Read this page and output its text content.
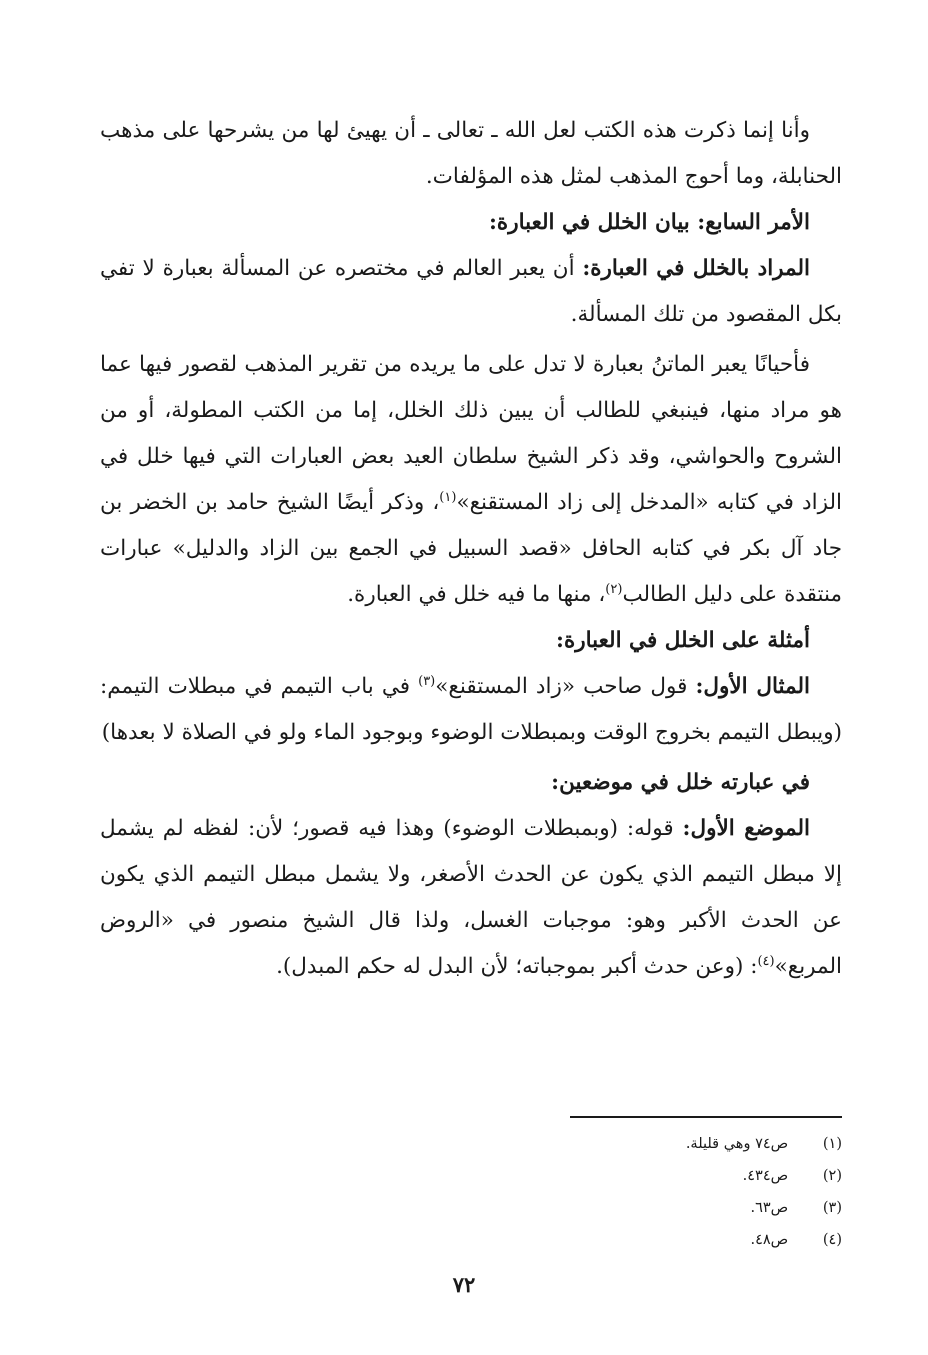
وأنا إنما ذكرت هذه الكتب لعل الله ـ تعالى ـ أن يهيئ لها من يشرحها على مذهب الحنابلة، وما أحوج المذهب لمثل هذه المؤلفات.

الأمر السابع: بيان الخلل في العبارة:

المراد بالخلل في العبارة: أن يعبر العالم في مختصره عن المسألة بعبارة لا تفي بكل المقصود من تلك المسألة.

فأحيانًا يعبر الماتنُ بعبارة لا تدل على ما يريده من تقرير المذهب لقصور فيها عما هو مراد منها، فينبغي للطالب أن يبين ذلك الخلل، إما من الكتب المطولة، أو من الشروح والحواشي، وقد ذكر الشيخ سلطان العيد بعض العبارات التي فيها خلل في الزاد في كتابه «المدخل إلى زاد المستقنع»$^{(١)}$، وذكر أيضًا الشيخ حامد بن الخضر بن جاد آل بكر في كتابه الحافل «قصد السبيل في الجمع بين الزاد والدليل» عبارات منتقدة على دليل الطالب$^{(٢)}$، منها ما فيه خلل في العبارة.

أمثلة على الخلل في العبارة:

المثال الأول: قول صاحب «زاد المستقنع»$^{(٣)}$ في باب التيمم في مبطلات التيمم: (ويبطل التيمم بخروج الوقت وبمبطلات الوضوء وبوجود الماء ولو في الصلاة لا بعدها)

في عبارته خلل في موضعين:

الموضع الأول: قوله: (وبمبطلات الوضوء) وهذا فيه قصور؛ لأن: لفظه لم يشمل إلا مبطل التيمم الذي يكون عن الحدث الأصغر، ولا يشمل مبطل التيمم الذي يكون عن الحدث الأكبر وهو: موجبات الغسل، ولذا قال الشيخ منصور في «الروض المربع»$^{(٤)}$: (وعن حدث أكبر بموجباته؛ لأن البدل له حكم المبدل).

(١)   ص٧٤ وهي قليلة.
(٢)   ص٤٣٤.
(٣)   ص٦٣.
(٤)   ص٤٨.
٧٢
